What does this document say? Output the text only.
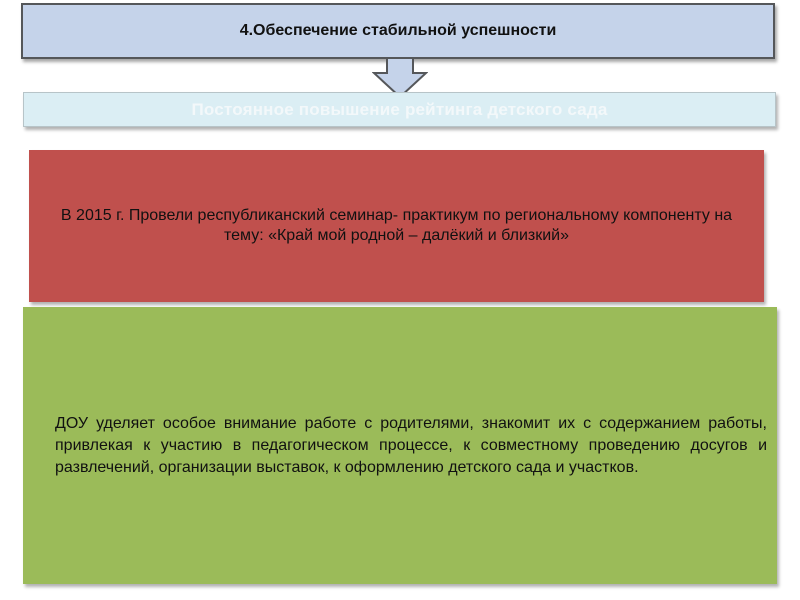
4.Обеспечение стабильной успешности
Постоянное повышение рейтинга детского сада

В 2015 г. Провели республиканский семинар- практикум по региональному компоненту на тему: «Край мой родной – далёкий и близкий»

ДОУ уделяет особое внимание работе с родителями, знакомит их с содержанием работы, привлекая к участию в педагогическом процессе, к совместному проведению досугов и развлечений, организации выставок, к оформлению детского сада и участков.
